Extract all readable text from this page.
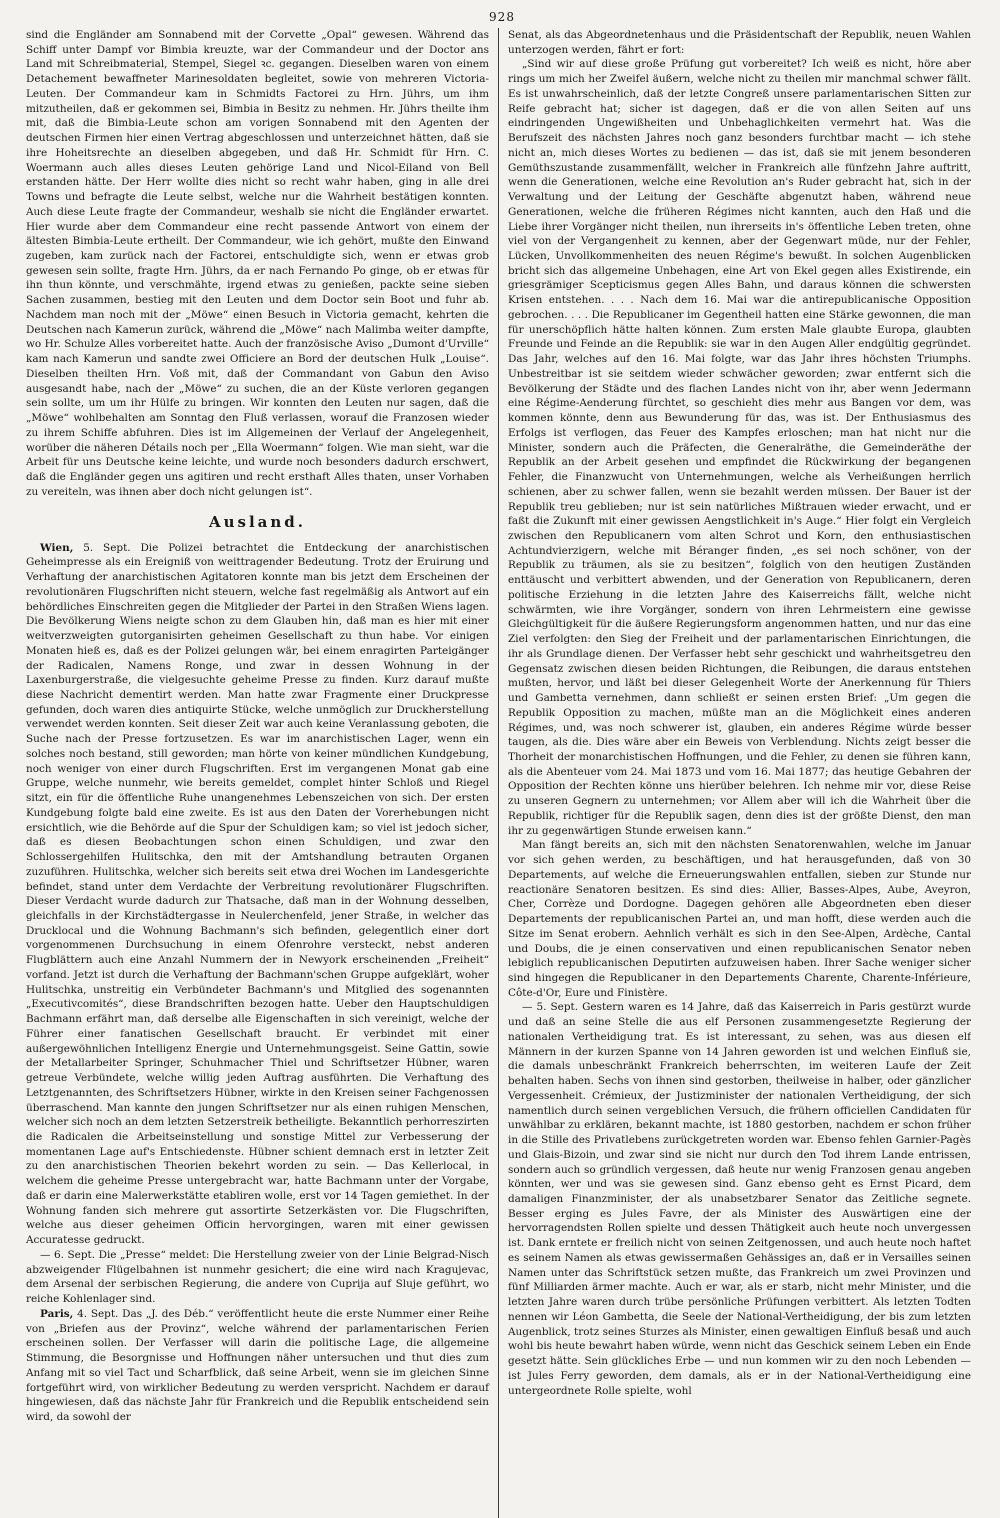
928

sind die Engländer am Sonnabend mit der Corvette „Opal“ gewesen. Während das Schiff unter Dampf vor Bimbia kreuzte, war der Commandeur und der Doctor ans Land mit Schreibmaterial, Stempel, Siegel ꝛc. gegangen. Dieselben waren von einem Detachement bewaffneter Marinesoldaten begleitet, sowie von mehreren Victoria-Leuten. Der Commandeur kam in Schmidts Factorei zu Hrn. Jührs, um ihm mitzutheilen, daß er gekommen sei, Bimbia in Besitz zu nehmen. Hr. Jührs theilte ihm mit, daß die Bimbia-Leute schon am vorigen Sonnabend mit den Agenten der deutschen Firmen hier einen Vertrag abgeschlossen und unterzeichnet hätten, daß sie ihre Hoheitsrechte an dieselben abgegeben, und daß Hr. Schmidt für Hrn. C. Woermann auch alles dieses Leuten gehörige Land und Nicol-Eiland von Bell erstanden hätte. Der Herr wollte dies nicht so recht wahr haben, ging in alle drei Towns und befragte die Leute selbst, welche nur die Wahrheit bestätigen konnten. Auch diese Leute fragte der Commandeur, weshalb sie nicht die Engländer erwartet. Hier wurde aber dem Commandeur eine recht passende Antwort von einem der ältesten Bimbia-Leute ertheilt. Der Commandeur, wie ich gehört, mußte den Einwand zugeben, kam zurück nach der Factorei, entschuldigte sich, wenn er etwas grob gewesen sein sollte, fragte Hrn. Jührs, da er nach Fernando Po ginge, ob er etwas für ihn thun könnte, und verschmähte, irgend etwas zu genießen, packte seine sieben Sachen zusammen, bestieg mit den Leuten und dem Doctor sein Boot und fuhr ab. Nachdem man noch mit der „Möwe“ einen Besuch in Victoria gemacht, kehrten die Deutschen nach Kamerun zurück, während die „Möwe“ nach Malimba weiter dampfte, wo Hr. Schulze Alles vorbereitet hatte. Auch der französische Aviso „Dumont d'Urville“ kam nach Kamerun und sandte zwei Officiere an Bord der deutschen Hulk „Louise“. Dieselben theilten Hrn. Voß mit, daß der Commandant von Gabun den Aviso ausgesandt habe, nach der „Möwe“ zu suchen, die an der Küste verloren gegangen sein sollte, um um ihr Hülfe zu bringen. Wir konnten den Leuten nur sagen, daß die „Möwe“ wohlbehalten am Sonntag den Fluß verlassen, worauf die Franzosen wieder zu ihrem Schiffe abfuhren. Dies ist im Allgemeinen der Verlauf der Angelegenheit, worüber die näheren Détails noch per „Ella Woermann“ folgen. Wie man sieht, war die Arbeit für uns Deutsche keine leichte, und wurde noch besonders dadurch erschwert, daß die Engländer gegen uns agitiren und recht ersthaft Alles thaten, unser Vorhaben zu vereiteln, was ihnen aber doch nicht gelungen ist“.

Ausland.

Wien, 5. Sept. Die Polizei betrachtet die Entdeckung der anarchistischen Geheimpresse als ein Ereigniß von weittragender Bedeutung. Trotz der Eruirung und Verhaftung der anarchistischen Agitatoren konnte man bis jetzt dem Erscheinen der revolutionären Flugschriften nicht steuern, welche fast regelmäßig als Antwort auf ein behördliches Einschreiten gegen die Mitglieder der Partei in den Straßen Wiens lagen. Die Bevölkerung Wiens neigte schon zu dem Glauben hin, daß man es hier mit einer weitverzweigten gutorganisirten geheimen Gesellschaft zu thun habe. Vor einigen Monaten hieß es, daß es der Polizei gelungen wär, bei einem enragirten Parteigänger der Radicalen, Namens Ronge, und zwar in dessen Wohnung in der Laxenburgerstraße, die vielgesuchte geheime Presse zu finden. Kurz darauf mußte diese Nachricht dementirt werden. Man hatte zwar Fragmente einer Druckpresse gefunden, doch waren dies antiquirte Stücke, welche unmöglich zur Druckherstellung verwendet werden konnten. Seit dieser Zeit war auch keine Veranlassung geboten, die Suche nach der Presse fortzusetzen. Es war im anarchistischen Lager, wenn ein solches noch bestand, still geworden; man hörte von keiner mündlichen Kundgebung, noch weniger von einer durch Flugschriften. Erst im vergangenen Monat gab eine Gruppe, welche nunmehr, wie bereits gemeldet, complet hinter Schloß und Riegel sitzt, ein für die öffentliche Ruhe unangenehmes Lebenszeichen von sich. Der ersten Kundgebung folgte bald eine zweite. Es ist aus den Daten der Vorerhebungen nicht ersichtlich, wie die Behörde auf die Spur der Schuldigen kam; so viel ist jedoch sicher, daß es diesen Beobachtungen schon einen Schuldigen, und zwar den Schlossergehilfen Hulitschka, den mit der Amtshandlung betrauten Organen zuzuführen. Hulitschka, welcher sich bereits seit etwa drei Wochen im Landesgerichte befindet, stand unter dem Verdachte der Verbreitung revolutionärer Flugschriften. Dieser Verdacht wurde dadurch zur Thatsache, daß man in der Wohnung desselben, gleichfalls in der Kirchstädtergasse in Neulerchenfeld, jener Straße, in welcher das Drucklocal und die Wohnung Bachmann's sich befinden, gelegentlich einer dort vorgenommenen Durchsuchung in einem Ofenrohre versteckt, nebst anderen Flugblättern auch eine Anzahl Nummern der in Newyork erscheinenden „Freiheit“ vorfand. Jetzt ist durch die Verhaftung der Bachmann'schen Gruppe aufgeklärt, woher Hulitschka, unstreitig ein Verbündeter Bachmann's und Mitglied des sogenannten „Executivcomités“, diese Brandschriften bezogen hatte. Ueber den Hauptschuldigen Bachmann erfährt man, daß derselbe alle Eigenschaften in sich vereinigt, welche der Führer einer fanatischen Gesellschaft braucht. Er verbindet mit einer außergewöhnlichen Intelligenz Energie und Unternehmungsgeist. Seine Gattin, sowie der Metallarbeiter Springer, Schuhmacher Thiel und Schriftsetzer Hübner, waren getreue Verbündete, welche willig jeden Auftrag ausführten. Die Verhaftung des Letztgenannten, des Schriftsetzers Hübner, wirkte in den Kreisen seiner Fachgenossen überraschend. Man kannte den jungen Schriftsetzer nur als einen ruhigen Menschen, welcher sich noch an dem letzten Setzerstreik betheiligte. Bekanntlich perhorreszirten die Radicalen die Arbeitseinstellung und sonstige Mittel zur Verbesserung der momentanen Lage auf's Entschiedenste. Hübner schient demnach erst in letzter Zeit zu den anarchistischen Theorien bekehrt worden zu sein. — Das Kellerlocal, in welchem die geheime Presse untergebracht war, hatte Bachmann unter der Vorgabe, daß er darin eine Malerwerkstätte etabliren wolle, erst vor 14 Tagen gemiethet. In der Wohnung fanden sich mehrere gut assortirte Setzerkästen vor. Die Flugschriften, welche aus dieser geheimen Officin hervorgingen, waren mit einer gewissen Accuratesse gedruckt.

— 6. Sept. Die „Presse“ meldet: Die Herstellung zweier von der Linie Belgrad-Nisch abzweigender Flügelbahnen ist nunmehr gesichert; die eine wird nach Kragujevac, dem Arsenal der serbischen Regierung, die andere von Cuprija auf Sluje geführt, wo reiche Kohlenlager sind.

Paris, 4. Sept. Das „J. des Déb.“ veröffentlicht heute die erste Nummer einer Reihe von „Briefen aus der Provinz“, welche während der parlamentarischen Ferien erscheinen sollen. Der Verfasser will darin die politische Lage, die allgemeine Stimmung, die Besorgnisse und Hoffnungen näher untersuchen und thut dies zum Anfang mit so viel Tact und Scharfblick, daß seine Arbeit, wenn sie im gleichen Sinne fortgeführt wird, von wirklicher Bedeutung zu werden verspricht. Nachdem er darauf hingewiesen, daß das nächste Jahr für Frankreich und die Republik entscheidend sein wird, da sowohl der

Senat, als das Abgeordnetenhaus und die Präsidentschaft der Republik, neuen Wahlen unterzogen werden, fährt er fort:

„Sind wir auf diese große Prüfung gut vorbereitet? Ich weiß es nicht, höre aber rings um mich her Zweifel äußern, welche nicht zu theilen mir manchmal schwer fällt. Es ist unwahrscheinlich, daß der letzte Congreß unsere parlamentarischen Sitten zur Reife gebracht hat; sicher ist dagegen, daß er die von allen Seiten auf uns eindringenden Ungewißheiten und Unbehaglichkeiten vermehrt hat. Was die Berufszeit des nächsten Jahres noch ganz besonders furchtbar macht — ich stehe nicht an, mich dieses Wortes zu bedienen — das ist, daß sie mit jenem besonderen Gemüthszustande zusammenfällt, welcher in Frankreich alle fünfzehn Jahre auftritt, wenn die Generationen, welche eine Revolution an's Ruder gebracht hat, sich in der Verwaltung und der Leitung der Geschäfte abgenutzt haben, während neue Generationen, welche die früheren Régimes nicht kannten, auch den Haß und die Liebe ihrer Vorgänger nicht theilen, nun ihrerseits in's öffentliche Leben treten, ohne viel von der Vergangenheit zu kennen, aber der Gegenwart müde, nur der Fehler, Lücken, Unvollkommenheiten des neuen Régime's bewußt. In solchen Augenblicken bricht sich das allgemeine Unbehagen, eine Art von Ekel gegen alles Existirende, ein griesgrämiger Scepticismus gegen Alles Bahn, und daraus können die schwersten Krisen entstehen. . . . Nach dem 16. Mai war die antirepublicanische Opposition gebrochen. . . . Die Republicaner im Gegentheil hatten eine Stärke gewonnen, die man für unerschöpflich hätte halten können. Zum ersten Male glaubte Europa, glaubten Freunde und Feinde an die Republik: sie war in den Augen Aller endgültig gegründet. Das Jahr, welches auf den 16. Mai folgte, war das Jahr ihres höchsten Triumphs. Unbestreitbar ist sie seitdem wieder schwächer geworden; zwar entfernt sich die Bevölkerung der Städte und des flachen Landes nicht von ihr, aber wenn Jedermann eine Régime-Aenderung fürchtet, so geschieht dies mehr aus Bangen vor dem, was kommen könnte, denn aus Bewunderung für das, was ist. Der Enthusiasmus des Erfolgs ist verflogen, das Feuer des Kampfes erloschen; man hat nicht nur die Minister, sondern auch die Präfecten, die Generalräthe, die Gemeinderäthe der Republik an der Arbeit gesehen und empfindet die Rückwirkung der begangenen Fehler, die Finanzwucht von Unternehmungen, welche als Verheißungen herrlich schienen, aber zu schwer fallen, wenn sie bezahlt werden müssen. Der Bauer ist der Republik treu geblieben; nur ist sein natürliches Mißtrauen wieder erwacht, und er faßt die Zukunft mit einer gewissen Aengstlichkeit in's Auge.“ Hier folgt ein Vergleich zwischen den Republicanern vom alten Schrot und Korn, den enthusiastischen Achtundvierzigern, welche mit Béranger finden, „es sei noch schöner, von der Republik zu träumen, als sie zu besitzen“, folglich von den heutigen Zuständen enttäuscht und verbittert abwenden, und der Generation von Republicanern, deren politische Erziehung in die letzten Jahre des Kaiserreichs fällt, welche nicht schwärmten, wie ihre Vorgänger, sondern von ihren Lehrmeistern eine gewisse Gleichgültigkeit für die äußere Regierungsform angenommen hatten, und nur das eine Ziel verfolgten: den Sieg der Freiheit und der parlamentarischen Einrichtungen, die ihr als Grundlage dienen. Der Verfasser hebt sehr geschickt und wahrheitsgetreu den Gegensatz zwischen diesen beiden Richtungen, die Reibungen, die daraus entstehen mußten, hervor, und läßt bei dieser Gelegenheit Worte der Anerkennung für Thiers und Gambetta vernehmen, dann schließt er seinen ersten Brief: „Um gegen die Republik Opposition zu machen, müßte man an die Möglichkeit eines anderen Régimes, und, was noch schwerer ist, glauben, ein anderes Régime würde besser taugen, als die. Dies wäre aber ein Beweis von Verblendung. Nichts zeigt besser die Thorheit der monarchistischen Hoffnungen, und die Fehler, zu denen sie führen kann, als die Abenteuer vom 24. Mai 1873 und vom 16. Mai 1877; das heutige Gebahren der Opposition der Rechten könne uns hierüber belehren. Ich nehme mir vor, diese Reise zu unseren Gegnern zu unternehmen; vor Allem aber will ich die Wahrheit über die Republik, richtiger für die Republik sagen, denn dies ist der größte Dienst, den man ihr zu gegenwärtigen Stunde erweisen kann.“

Man fängt bereits an, sich mit den nächsten Senatorenwahlen, welche im Januar vor sich gehen werden, zu beschäftigen, und hat herausgefunden, daß von 30 Departements, auf welche die Erneuerungswahlen entfallen, sieben zur Stunde nur reactionäre Senatoren besitzen. Es sind dies: Allier, Basses-Alpes, Aube, Aveyron, Cher, Corrèze und Dordogne. Dagegen gehören alle Abgeordneten eben dieser Departements der republicanischen Partei an, und man hofft, diese werden auch die Sitze im Senat erobern. Aehnlich verhält es sich in den See-Alpen, Ardèche, Cantal und Doubs, die je einen conservativen und einen republicanischen Senator neben lebiglich republicanischen Deputirten aufzuweisen haben. Ihrer Sache weniger sicher sind hingegen die Republicaner in den Departements Charente, Charente-Inférieure, Côte-d'Or, Eure und Finistère.

— 5. Sept. Gestern waren es 14 Jahre, daß das Kaiserreich in Paris gestürzt wurde und daß an seine Stelle die aus elf Personen zusammengesetzte Regierung der nationalen Vertheidigung trat. Es ist interessant, zu sehen, was aus diesen elf Männern in der kurzen Spanne von 14 Jahren geworden ist und welchen Einfluß sie, die damals unbeschränkt Frankreich beherrschten, im weiteren Laufe der Zeit behalten haben. Sechs von ihnen sind gestorben, theilweise in halber, oder gänzlicher Vergessenheit. Crémieux, der Justizminister der nationalen Vertheidigung, der sich namentlich durch seinen vergeblichen Versuch, die frühern officiellen Candidaten für unwählbar zu erklären, bekannt machte, ist 1880 gestorben, nachdem er schon früher in die Stille des Privatlebens zurückgetreten worden war. Ebenso fehlen Garnier-Pagès und Glais-Bizoin, und zwar sind sie nicht nur durch den Tod ihrem Lande entrissen, sondern auch so gründlich vergessen, daß heute nur wenig Franzosen genau angeben könnten, wer und was sie gewesen sind. Ganz ebenso geht es Ernst Picard, dem damaligen Finanzminister, der als unabsetzbarer Senator das Zeitliche segnete. Besser erging es Jules Favre, der als Minister des Auswärtigen eine der hervorragendsten Rollen spielte und dessen Thätigkeit auch heute noch unvergessen ist. Dank erntete er freilich nicht von seinen Zeitgenossen, und auch heute noch haftet es seinem Namen als etwas gewissermaßen Gehässiges an, daß er in Versailles seinen Namen unter das Schriftstück setzen mußte, das Frankreich um zwei Provinzen und fünf Milliarden ärmer machte. Auch er war, als er starb, nicht mehr Minister, und die letzten Jahre waren durch trübe persönliche Prüfungen verbittert. Als letzten Todten nennen wir Léon Gambetta, die Seele der National-Vertheidigung, der bis zum letzten Augenblick, trotz seines Sturzes als Minister, einen gewaltigen Einfluß besaß und auch wohl bis heute bewahrt haben würde, wenn nicht das Geschick seinem Leben ein Ende gesetzt hätte. Sein glückliches Erbe — und nun kommen wir zu den noch Lebenden — ist Jules Ferry geworden, dem damals, als er in der National-Vertheidigung eine untergeordnete Rolle spielte, wohl
